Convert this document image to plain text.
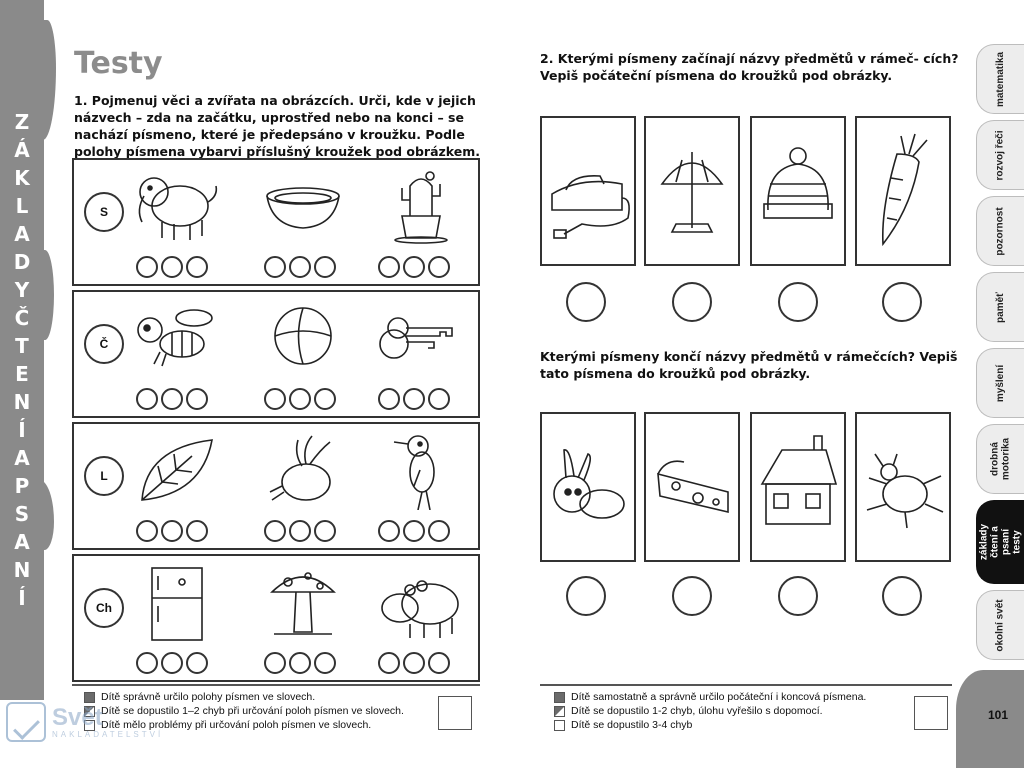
Z
Á
K
L
A
D
Y
Č
T
E
N
Í
A
P
S
A
N
Í
Testy
1. Pojmenuj věci a zvířata na obrázcích. Urči, kde v jejich názvech – zda na začátku, uprostřed nebo na konci – se nachází písmeno, které je předepsáno v kroužku. Podle polohy písmena vybarvi příslušný kroužek pod obrázkem.
S
Č
L
Ch
2. Kterými písmeny začínají názvy předmětů v rámeč- cích? Vepiš počáteční písmena do kroužků pod obrázky.
Kterými písmeny končí názvy předmětů v rámečcích? Vepiš tato písmena do kroužků pod obrázky.
matematika
rozvoj řeči
pozornost
paměť
myšlení
drobná motorika
základy čtení a psaní testy
okolní svět
Dítě správně určilo polohy písmen ve slovech.
Dítě se dopustilo 1–2 chyb při určování poloh písmen ve slovech.
Dítě mělo problémy při určování poloh písmen ve slovech.
Dítě samostatně a správně určilo počáteční i koncová písmena.
Dítě se dopustilo 1-2 chyb, úlohu vyřešilo s dopomocí.
Dítě se dopustilo 3-4 chyb
101
Svět
NAKLADATELSTVÍ
